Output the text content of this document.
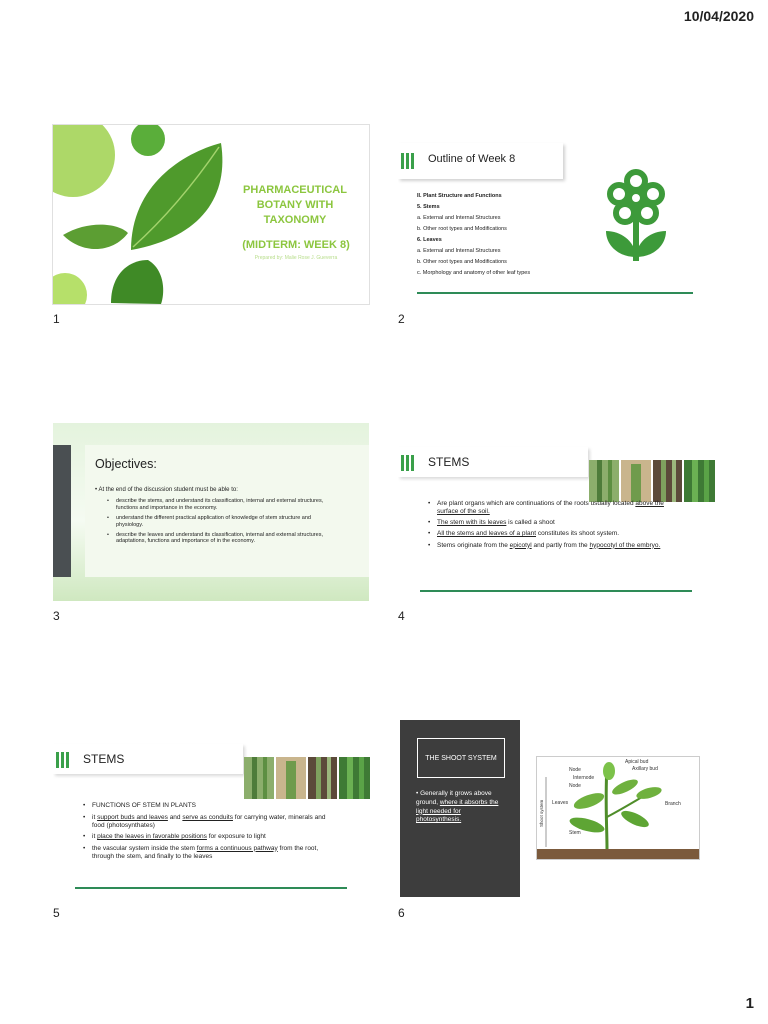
10/04/2020
PHARMACEUTICAL BOTANY WITH TAXONOMY
(MIDTERM: WEEK 8)
Prepared by: Malie Rose J. Gueverra
1
Outline of Week 8
II. Plant Structure and Functions
5. Stems
a. External and Internal Structures
b. Other root types and Modifications
6. Leaves
a. External and Internal Structures
b. Other root types and Modifications
c. Morphology and anatomy of other leaf types
2
Objectives:
• At the end of the discussion student must be able to:
• describe the stems, and understand its classification, internal and external structures, functions and importance in the economy.
• understand the different practical application of knowledge of stem structure and physiology.
• describe the leaves and understand its classification, internal and external structures, adaptations, functions and importance of in the economy.
3
STEMS
• Are plant organs which are continuations of the roots usually located above the surface of the soil.
• The stem with its leaves is called a shoot
• All the stems and leaves of a plant constitutes its shoot system.
• Stems originate from the epicotyl and partly from the hypocotyl of the embryo.
4
STEMS
• FUNCTIONS OF STEM IN PLANTS
• it support buds and leaves and serve as conduits for carrying water, minerals and food (photosynthates)
• it place the leaves in favorable positions for exposure to light
• the vascular system inside the stem forms a continuous pathway from the root, through the stem, and finally to the leaves
5
THE SHOOT SYSTEM
• Generally it grows above ground, where it absorbs the light needed for photosynthesis.	Shoot system
Apical bud
Axillary bud
Node
Internode
Node
Leaves	Branch
Stem
6
1
